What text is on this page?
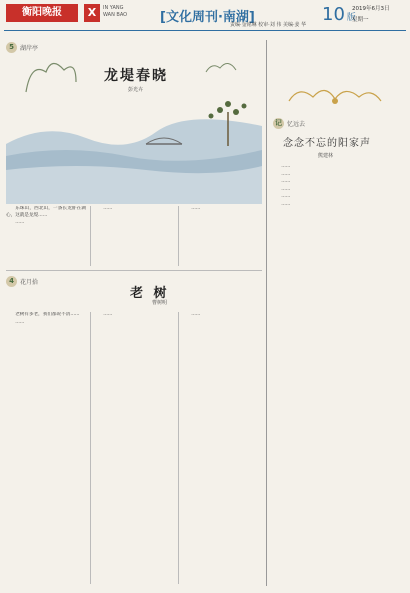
衡阳晚报	X	IN YANG
WAN BAO	[文化周刊·南湖]	10 版
2019年6月3日
星期一
责编·金铭琳 校审·刘 伟 美编·姜 华
5	湖岸亭
龙堤春晓
彭光卉

东珠山，西北山，一条长龙卧在湖心，这就是龙堤……

……

……	……

4	花月拾
老 树
曹树明

老树有多老，我们都说不清……

……

……	……

记 忆远去
念念不忘的阳家声
熊建林

……

……

……

……

……

……
